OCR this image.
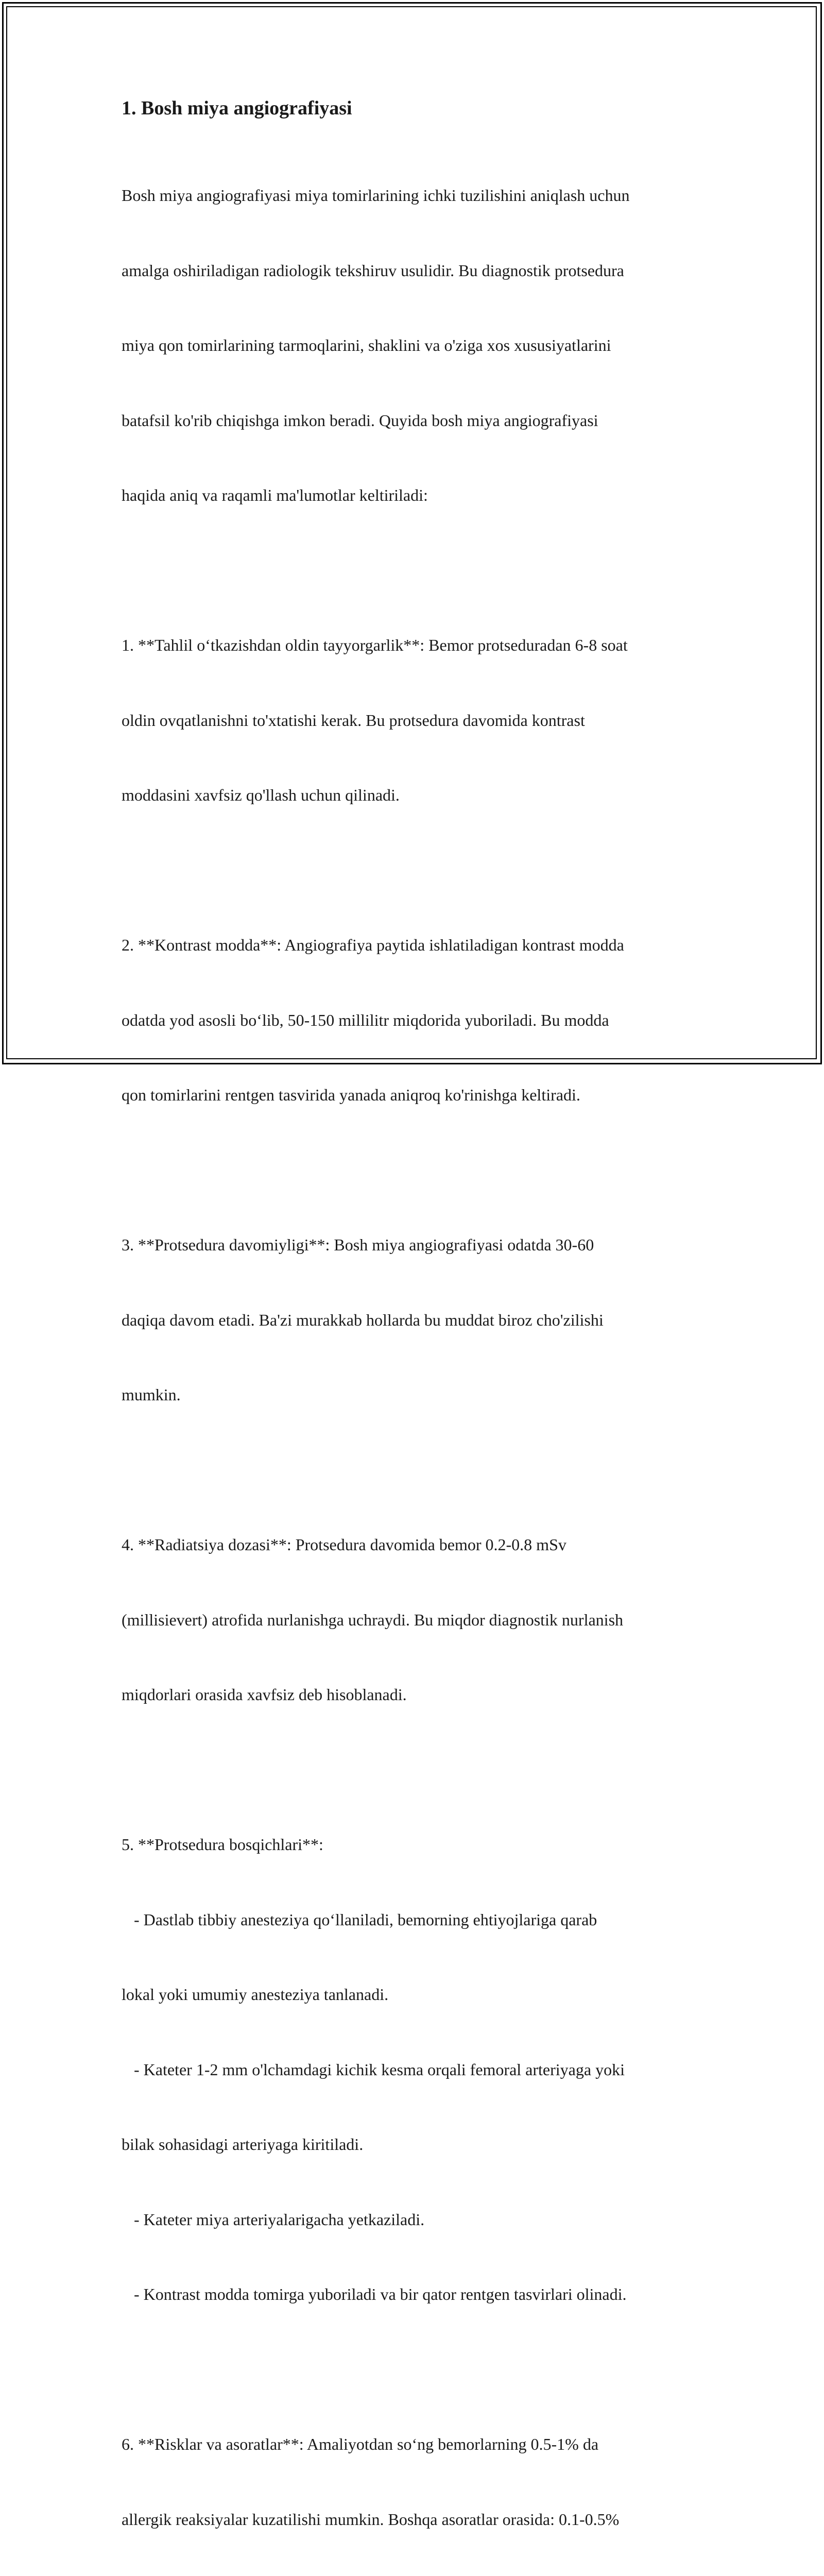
1. Bosh miya angiografiyasi

Bosh miya angiografiyasi miya tomirlarining ichki tuzilishini aniqlash uchun

amalga oshiriladigan radiologik tekshiruv usulidir. Bu diagnostik protsedura

miya qon tomirlarining tarmoqlarini, shaklini va o'ziga xos xususiyatlarini

batafsil ko'rib chiqishga imkon beradi. Quyida bosh miya angiografiyasi

haqida aniq va raqamli ma'lumotlar keltiriladi:

1. **Tahlil oʻtkazishdan oldin tayyorgarlik**: Bemor protseduradan 6-8 soat

oldin ovqatlanishni to'xtatishi kerak. Bu protsedura davomida kontrast

moddasini xavfsiz qo'llash uchun qilinadi.

2. **Kontrast modda**: Angiografiya paytida ishlatiladigan kontrast modda

odatda yod asosli boʻlib, 50-150 millilitr miqdorida yuboriladi. Bu modda

qon tomirlarini rentgen tasvirida yanada aniqroq ko'rinishga keltiradi.

3. **Protsedura davomiyligi**: Bosh miya angiografiyasi odatda 30-60

daqiqa davom etadi. Ba'zi murakkab hollarda bu muddat biroz cho'zilishi

mumkin.

4. **Radiatsiya dozasi**: Protsedura davomida bemor 0.2-0.8 mSv

(millisievert) atrofida nurlanishga uchraydi. Bu miqdor diagnostik nurlanish

miqdorlari orasida xavfsiz deb hisoblanadi.

5. **Protsedura bosqichlari**:

- Dastlab tibbiy anesteziya qoʻllaniladi, bemorning ehtiyojlariga qarab

lokal yoki umumiy anesteziya tanlanadi.

- Kateter 1-2 mm o'lchamdagi kichik kesma orqali femoral arteriyaga yoki

bilak sohasidagi arteriyaga kiritiladi.

- Kateter miya arteriyalarigacha yetkaziladi.

- Kontrast modda tomirga yuboriladi va bir qator rentgen tasvirlari olinadi.

6. **Risklar va asoratlar**: Amaliyotdan soʻng bemorlarning 0.5-1% da

allergik reaksiyalar kuzatilishi mumkin. Boshqa asoratlar orasida: 0.1-0.5%
